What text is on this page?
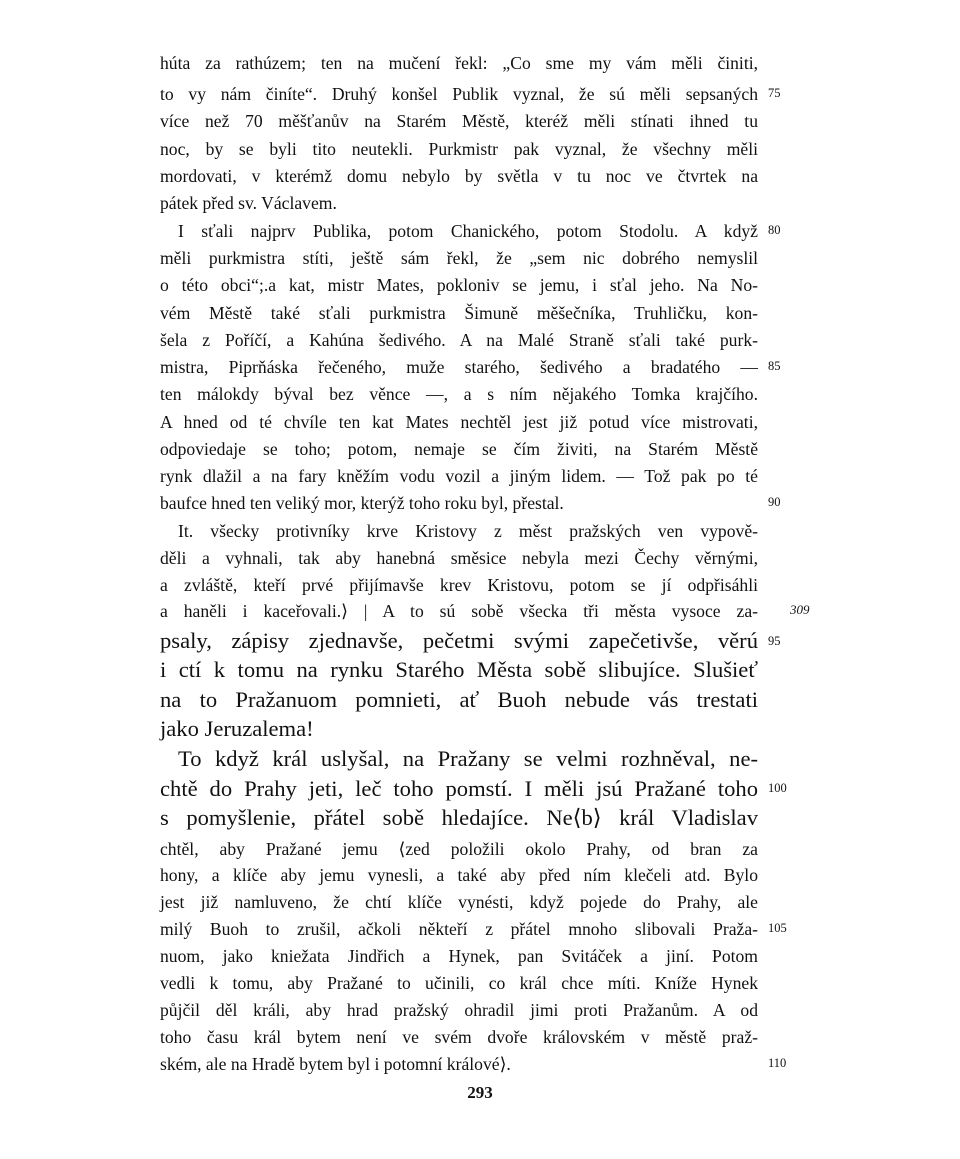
húta za rathúzem; ten na mučení řekl: „Co sme my vám měli činiti,

to vy nám činíte“. Druhý konšel Publik vyznal, že sú měli sepsaných

více než 70 měšťanův na Starém Městě, kteréž měli stínati ihned tu

noc, by se byli tito neutekli. Purkmistr pak vyznal, že všechny měli

mordovati, v kterémž domu nebylo by světla v tu noc ve čtvrtek na

pátek před sv. Václavem.

I sťali najprv Publika, potom Chanického, potom Stodolu. A když

měli purkmistra stíti, ještě sám řekl, že „sem nic dobrého nemyslil

o této obci“;.a kat, mistr Mates, pokloniv se jemu, i sťal jeho. Na No-

vém Městě také sťali purkmistra Šimuně měšečníka, Truhličku, kon-

šela z Poříčí, a Kahúna šedivého. A na Malé Straně sťali také purk-

mistra, Piprňáska řečeného, muže starého, šedivého a bradatého —

ten málokdy býval bez věnce —, a s ním nějakého Tomka krajčího.

A hned od té chvíle ten kat Mates nechtěl jest již potud více mistrovati,

odpoviedaje se toho; potom, nemaje se čím živiti, na Starém Městě

rynk dlažil a na fary kněžím vodu vozil a jiným lidem. — Tož pak po té

baufce hned ten veliký mor, kterýž toho roku byl, přestal.

It. všecky protivníky krve Kristovy z měst pražských ven vypově-

děli a vyhnali, tak aby hanebná směsice nebyla mezi Čechy věrnými,

a zvláště, kteří prvé přijímavše krev Kristovu, potom se jí odpřisáhli

a haněli i kaceřovali.⟩ | A to sú sobě všecka tři města vysoce za-

psaly, zápisy zjednavše, pečetmi svými zapečetivše, věrú

i ctí k tomu na rynku Starého Města sobě slibujíce. Slušieť

na to Pražanuom pomnieti, ať Buoh nebude vás trestati

jako Jeruzalema!

To když král uslyšal, na Pražany se velmi rozhněval, ne-

chtě do Prahy jeti, leč toho pomstí. I měli jsú Pražané toho

s pomyšlenie, přátel sobě hledajíce. Ne⟨b⟩ král Vladislav

chtěl, aby Pražané jemu ⟨zed položili okolo Prahy, od bran za

hony, a klíče aby jemu vynesli, a také aby před ním klečeli atd. Bylo

jest již namluveno, že chtí klíče vynésti, když pojede do Prahy, ale

milý Buoh to zrušil, ačkoli někteří z přátel mnoho slibovali Praža-

nuom, jako kniežata Jindřich a Hynek, pan Svitáček a jiní. Potom

vedli k tomu, aby Pražané to učinili, co král chce míti. Kníže Hynek

půjčil děl králi, aby hrad pražský ohradil jimi proti Pražanům. A od

toho času král bytem není ve svém dvoře královském v městě praž-

ském, ale na Hradě bytem byl i potomní králové⟩.

75

80

85

90

309

95

100

105

110

293
